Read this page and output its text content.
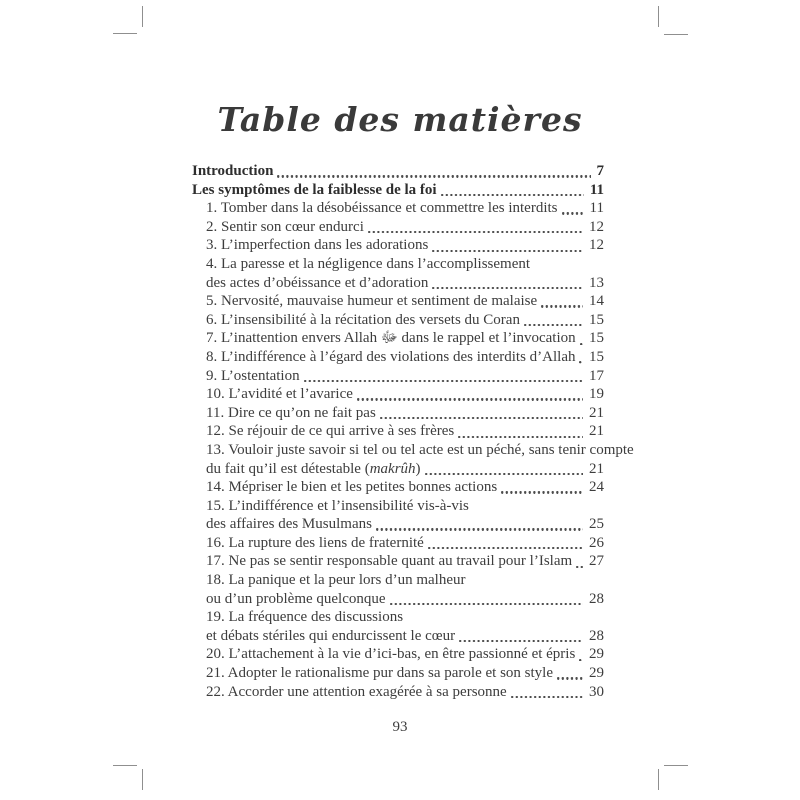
Table des matières
Introduction	7
Les symptômes de la faiblesse de la foi	11
1. Tomber dans la désobéissance et commettre les interdits 11
2. Sentir son cœur endurci	12
3. L’imperfection dans les adorations	12
4. La paresse et la négligence dans l’accomplissement
des actes d’obéissance et d’adoration	13
5. Nervosité, mauvaise humeur et sentiment de malaise	14
6. L’insensibilité à la récitation des versets du Coran	15
7. L’inattention envers Allah ﷻ dans le rappel et l’invocation 15
8. L’indifférence à l’égard des violations des interdits d’Allah 15
9. L’ostentation	17
10. L’avidité et l’avarice	19
11. Dire ce qu’on ne fait pas	21
12. Se réjouir de ce qui arrive à ses frères	21
13. Vouloir juste savoir si tel ou tel acte est un péché, sans tenir compte
du fait qu’il est détestable (makrûh)	21
14. Mépriser le bien et les petites bonnes actions	24
15. L’indifférence et l’insensibilité vis-à-vis
des affaires des Musulmans	25
16. La rupture des liens de fraternité	26
17. Ne pas se sentir responsable quant au travail pour l’Islam 27
18. La panique et la peur lors d’un malheur
ou d’un problème quelconque	28
19. La fréquence des discussions
et débats stériles qui endurcissent le cœur	28
20. L’attachement à la vie d’ici-bas, en être passionné et épris 29
21. Adopter le rationalisme pur dans sa parole et son style 29
22. Accorder une attention exagérée à sa personne	30
93
